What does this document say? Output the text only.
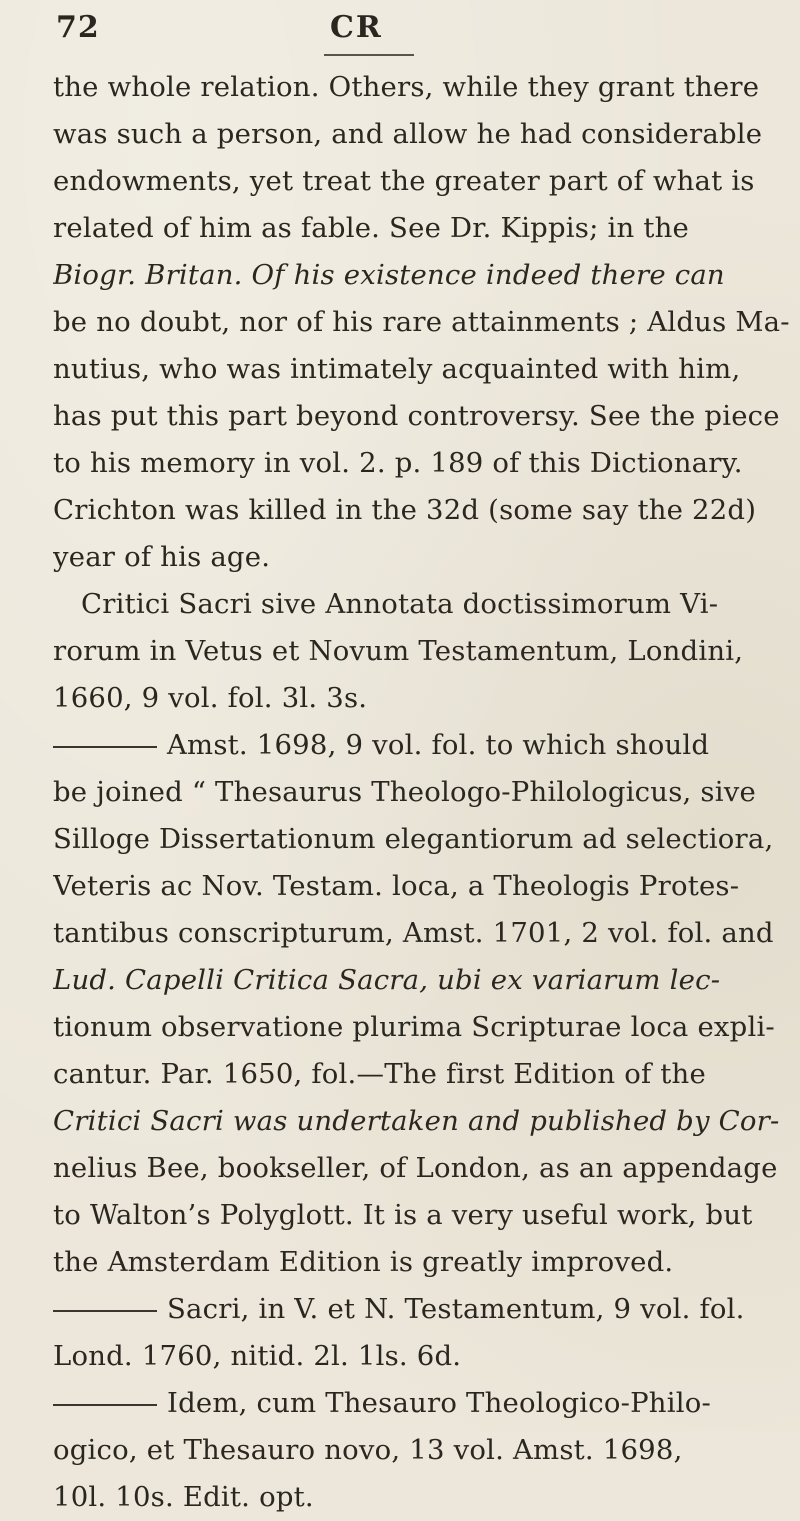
72	CR
the whole relation. Others, while they grant there
was such a person, and allow he had considerable
endowments, yet treat the greater part of what is
related of him as fable. See Dr. Kippis; in the
Biogr. Britan. Of his existence indeed there can
be no doubt, nor of his rare attainments ; Aldus Ma-
nutius, who was intimately acquainted with him,
has put this part beyond controversy. See the piece
to his memory in vol. 2. p. 189 of this Dictionary.
Crichton was killed in the 32d (some say the 22d)
year of his age.
Critici Sacri sive Annotata doctissimorum Vi-
rorum in Vetus et Novum Testamentum, Londini,
1660, 9 vol. fol. 3l. 3s.
Amst. 1698, 9 vol. fol. to which should
be joined “ Thesaurus Theologo-Philologicus, sive
Silloge Dissertationum elegantiorum ad selectiora,
Veteris ac Nov. Testam. loca, a Theologis Protes-
tantibus conscripturum, Amst. 1701, 2 vol. fol. and
Lud. Capelli Critica Sacra, ubi ex variarum lec-
tionum observatione plurima Scripturae loca expli-
cantur. Par. 1650, fol.—The first Edition of the
Critici Sacri was undertaken and published by Cor-
nelius Bee, bookseller, of London, as an appendage
to Walton’s Polyglott. It is a very useful work, but
the Amsterdam Edition is greatly improved.
Sacri, in V. et N. Testamentum, 9 vol. fol.
Lond. 1760, nitid. 2l. 1ls. 6d.
Idem, cum Thesauro Theologico-Philo-
ogico, et Thesauro novo, 13 vol. Amst. 1698,
10l. 10s. Edit. opt.
